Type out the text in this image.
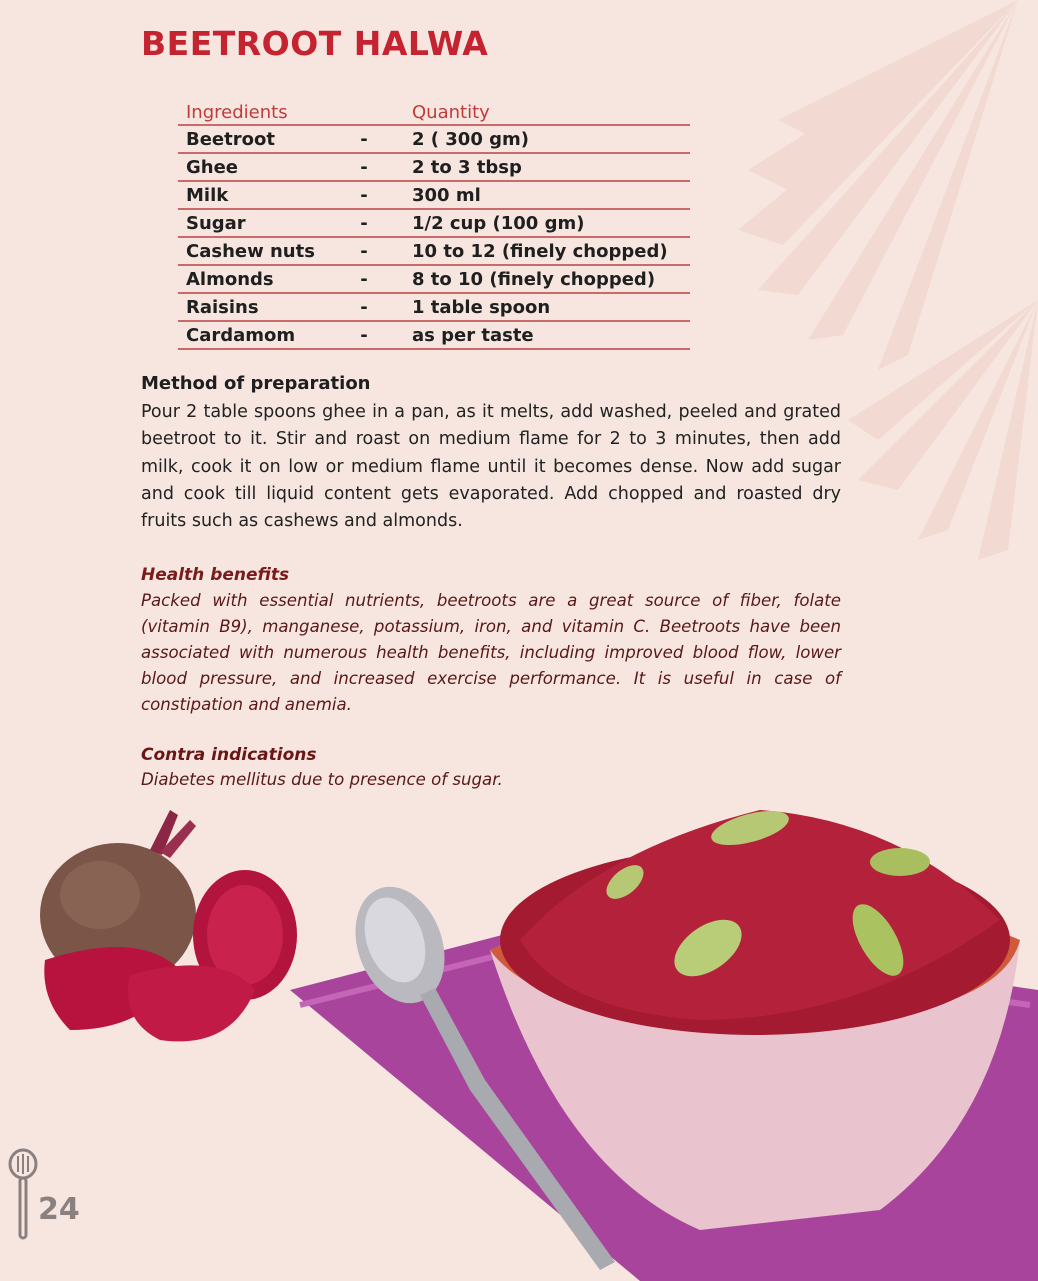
BEETROOT HALWA
Ingredients		Quantity
Beetroot	-	2 ( 300 gm)
Ghee	-	2 to 3 tbsp
Milk	-	300 ml
Sugar	-	1/2 cup (100 gm)
Cashew nuts	-	10 to 12 (finely chopped)
Almonds	-	8 to 10 (finely chopped)
Raisins	-	1 table spoon
Cardamom	-	as per taste
Method of preparation
Pour 2 table spoons ghee in a pan, as it melts, add washed, peeled and grated beetroot to it. Stir and roast on medium flame for 2 to 3 minutes, then add milk, cook it on low or medium flame until it becomes dense. Now add sugar and cook till liquid content gets evaporated. Add chopped and roasted dry fruits such as cashews and almonds.
Health benefits
Packed with essential nutrients, beetroots are a great source of fiber, folate (vitamin B9), manganese, potassium, iron, and vitamin C. Beetroots have been associated with numerous health benefits, including improved blood flow, lower blood pressure, and increased exercise performance. It is useful in case of constipation and anemia.
Contra indications
Diabetes mellitus due to presence of sugar.
24
